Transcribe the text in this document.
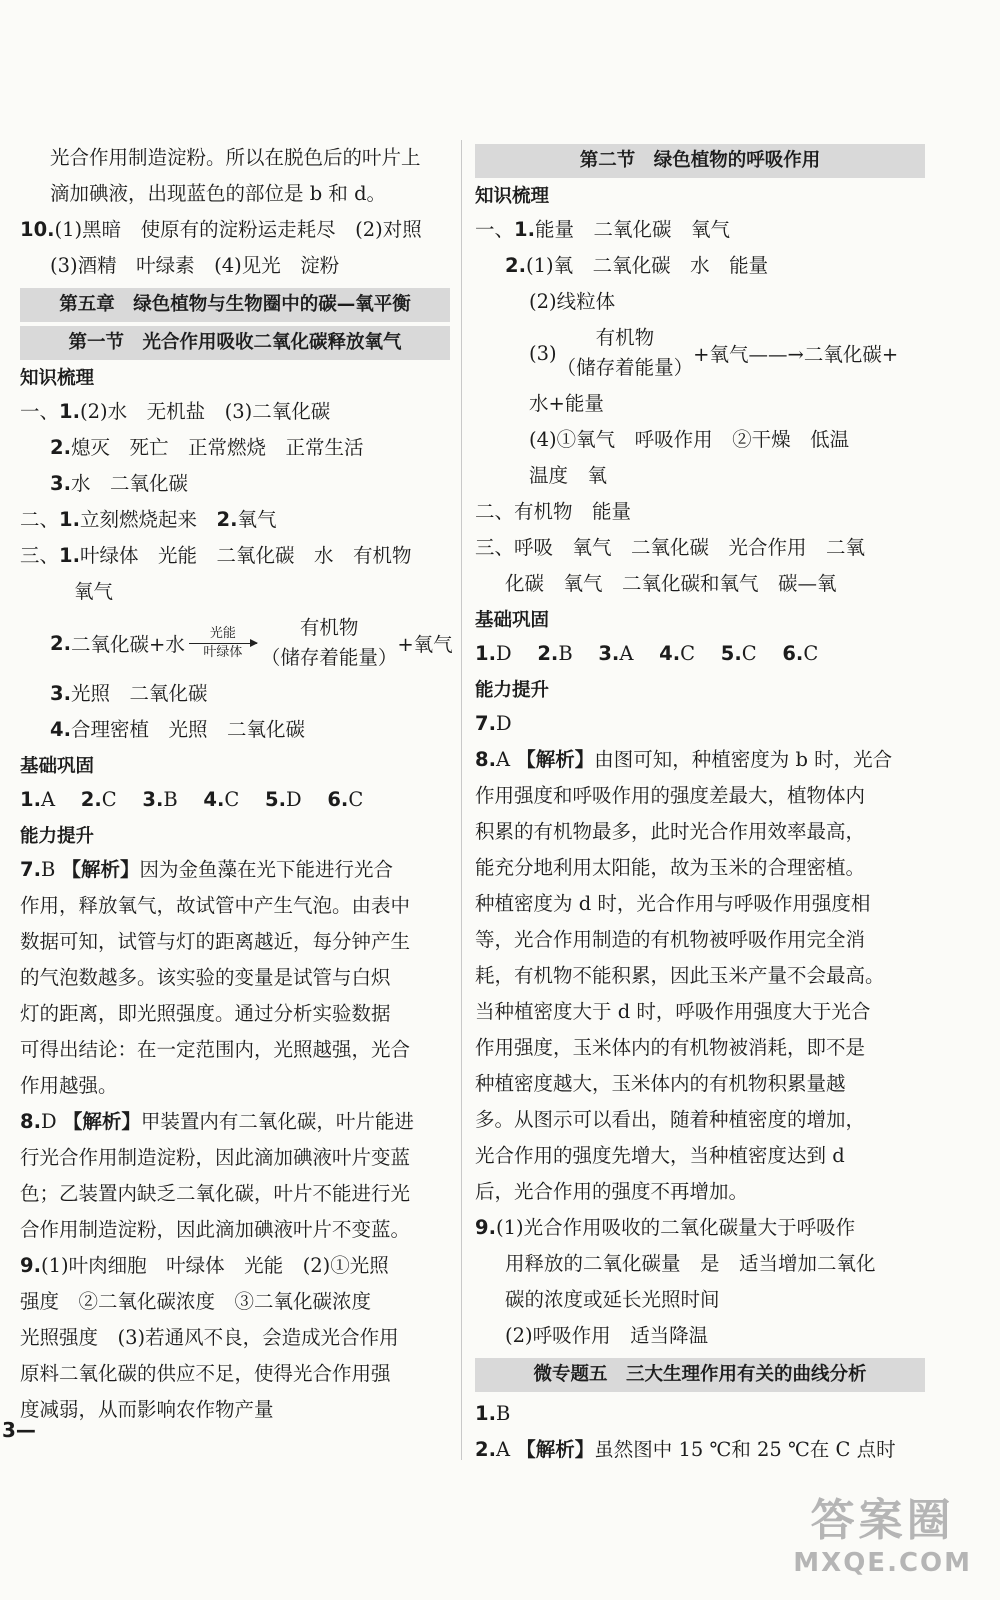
光合作用制造淀粉。所以在脱色后的叶片上
滴加碘液，出现蓝色的部位是 b 和 d。
10.(1)黑暗　使原有的淀粉运走耗尽　(2)对照
(3)酒精　叶绿素　(4)见光　淀粉
第五章　绿色植物与生物圈中的碳—氧平衡
第一节　光合作用吸收二氧化碳释放氧气
知识梳理
一、1.(2)水　无机盐　(3)二氧化碳
2.熄灭　死亡　正常燃烧　正常生活
3.水　二氧化碳
二、1.立刻燃烧起来　2.氧气
三、1.叶绿体　光能　二氧化碳　水　有机物
氧气
2. 二氧化碳+水 光能
叶绿体
有机物
（储存着能量）
+氧气
3.光照　二氧化碳
4.合理密植　光照　二氧化碳
基础巩固
1.A　 2.C　 3.B　 4.C　 5.D　 6.C
能力提升
7.B 【解析】因为金鱼藻在光下能进行光合
作用，释放氧气，故试管中产生气泡。由表中
数据可知，试管与灯的距离越近，每分钟产生
的气泡数越多。该实验的变量是试管与白炽
灯的距离，即光照强度。通过分析实验数据
可得出结论：在一定范围内，光照越强，光合
作用越强。
8.D 【解析】甲装置内有二氧化碳，叶片能进
行光合作用制造淀粉，因此滴加碘液叶片变蓝
色；乙装置内缺乏二氧化碳，叶片不能进行光
合作用制造淀粉，因此滴加碘液叶片不变蓝。
9.(1)叶肉细胞　叶绿体　光能　(2)①光照
强度　②二氧化碳浓度　③二氧化碳浓度
光照强度　(3)若通风不良，会造成光合作用
原料二氧化碳的供应不足，使得光合作用强
度减弱，从而影响农作物产量
第二节　绿色植物的呼吸作用
知识梳理
一、1.能量　二氧化碳　氧气
2.(1)氧　二氧化碳　水　能量
(2)线粒体
(3)
有机物
（储存着能量）
+氧气——→二氧化碳+
水+能量
(4)①氧气　呼吸作用　②干燥　低温
温度　氧
二、有机物　能量
三、呼吸　氧气　二氧化碳　光合作用　二氧
化碳　氧气　二氧化碳和氧气　碳—氧
基础巩固
1.D　 2.B　 3.A　 4.C　 5.C　 6.C
能力提升
7.D
8.A 【解析】由图可知，种植密度为 b 时，光合
作用强度和呼吸作用的强度差最大，植物体内
积累的有机物最多，此时光合作用效率最高，
能充分地利用太阳能，故为玉米的合理密植。
种植密度为 d 时，光合作用与呼吸作用强度相
等，光合作用制造的有机物被呼吸作用完全消
耗，有机物不能积累，因此玉米产量不会最高。
当种植密度大于 d 时，呼吸作用强度大于光合
作用强度，玉米体内的有机物被消耗，即不是
种植密度越大，玉米体内的有机物积累量越
多。从图示可以看出，随着种植密度的增加，
光合作用的强度先增大，当种植密度达到 d
后，光合作用的强度不再增加。
9.(1)光合作用吸收的二氧化碳量大于呼吸作
用释放的二氧化碳量　是　适当增加二氧化
碳的浓度或延长光照时间
(2)呼吸作用　适当降温
微专题五　三大生理作用有关的曲线分析
1.B
2.A 【解析】虽然图中 15 ℃和 25 ℃在 C 点时
3—
答案圈
MXQE.COM
